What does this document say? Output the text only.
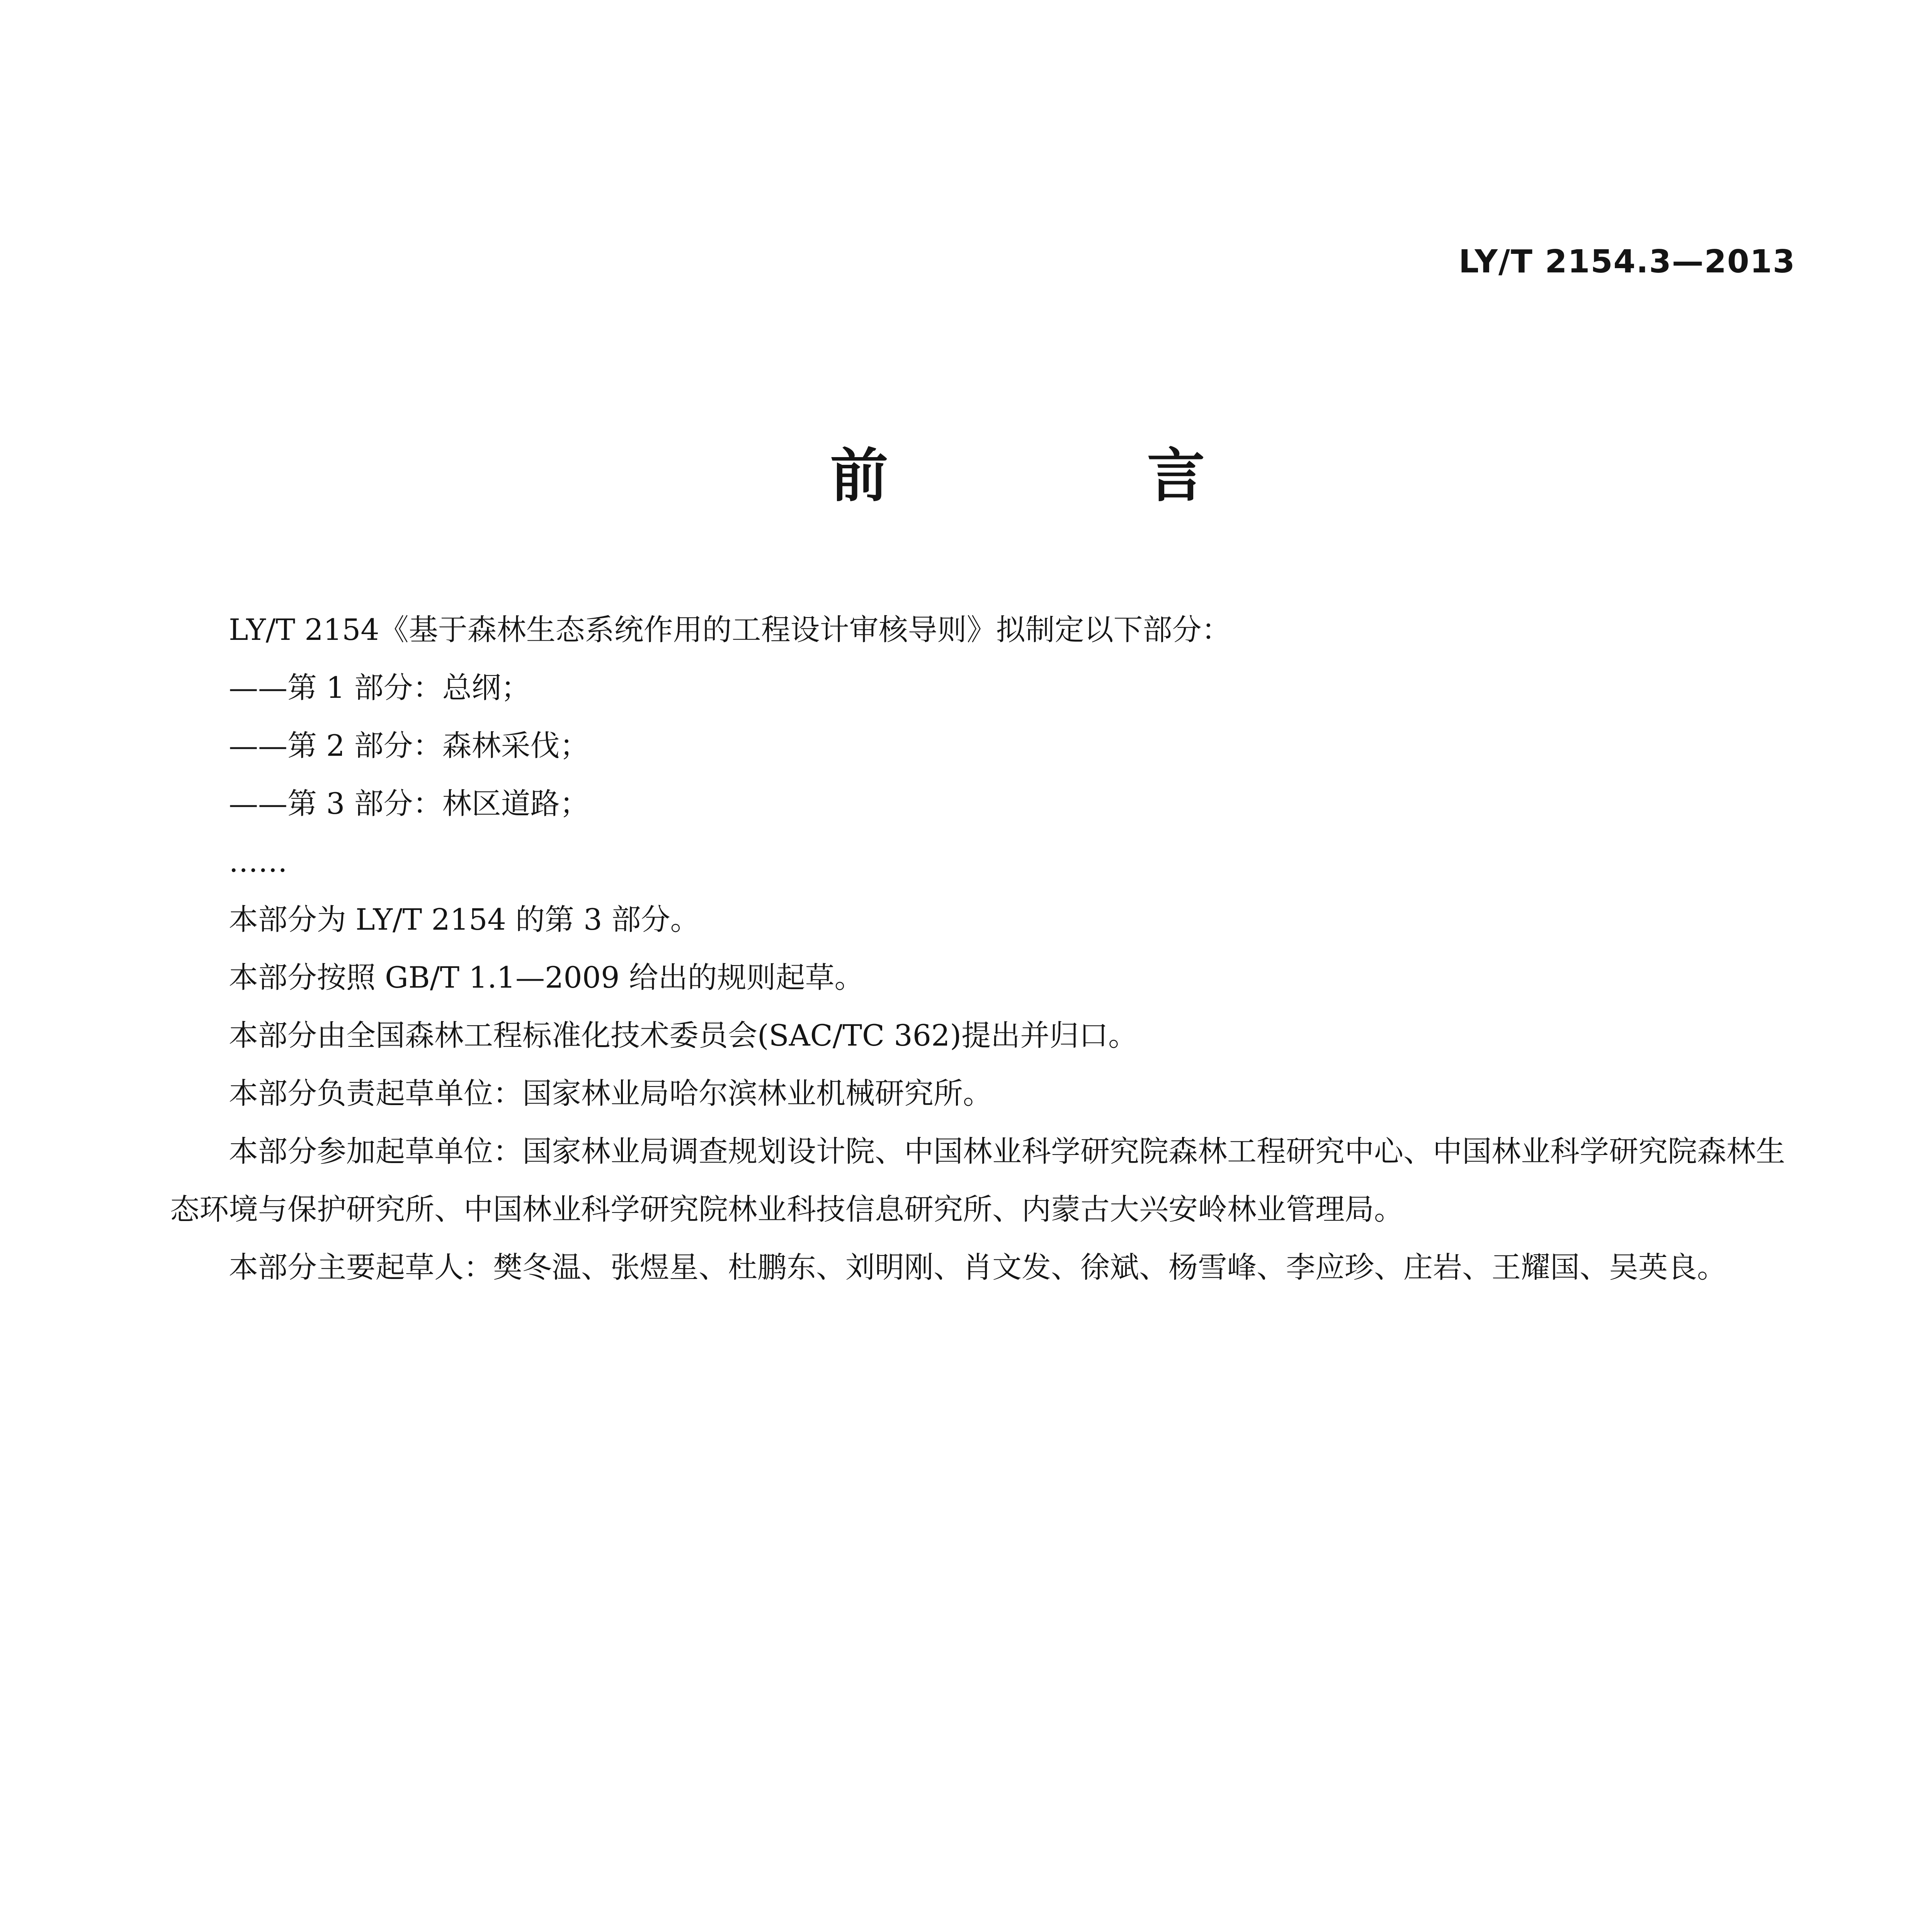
LY/T 2154.3—2013
前　言
LY/T 2154《基于森林生态系统作用的工程设计审核导则》拟制定以下部分：
——第 1 部分：总纲；
——第 2 部分：森林采伐；
——第 3 部分：林区道路；
……
本部分为 LY/T 2154 的第 3 部分。
本部分按照 GB/T 1.1—2009 给出的规则起草。
本部分由全国森林工程标准化技术委员会(SAC/TC 362)提出并归口。
本部分负责起草单位：国家林业局哈尔滨林业机械研究所。
本部分参加起草单位：国家林业局调查规划设计院、中国林业科学研究院森林工程研究中心、中国林业科学研究院森林生态环境与保护研究所、中国林业科学研究院林业科技信息研究所、内蒙古大兴安岭林业管理局。
本部分主要起草人：樊冬温、张煜星、杜鹏东、刘明刚、肖文发、徐斌、杨雪峰、李应珍、庄岩、王耀国、吴英良。
